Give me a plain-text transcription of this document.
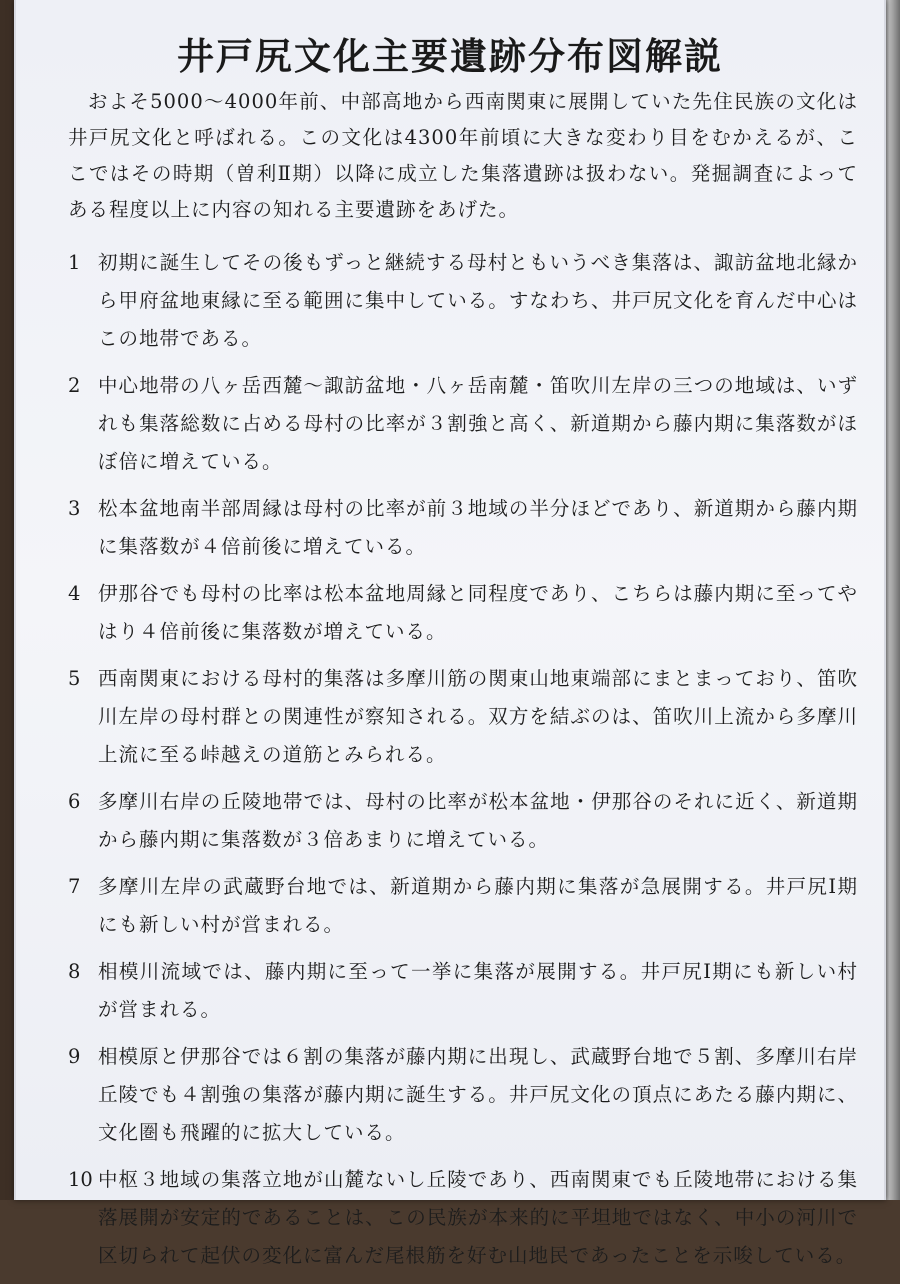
井戸尻文化主要遺跡分布図解説
およそ5000～4000年前、中部高地から西南関東に展開していた先住民族の文化は井戸尻文化と呼ばれる。この文化は4300年前頃に大きな変わり目をむかえるが、ここではその時期（曽利Ⅱ期）以降に成立した集落遺跡は扱わない。発掘調査によってある程度以上に内容の知れる主要遺跡をあげた。
1 初期に誕生してその後もずっと継続する母村ともいうべき集落は、諏訪盆地北縁から甲府盆地東縁に至る範囲に集中している。すなわち、井戸尻文化を育んだ中心はこの地帯である。
2 中心地帯の八ヶ岳西麓～諏訪盆地・八ヶ岳南麓・笛吹川左岸の三つの地域は、いずれも集落総数に占める母村の比率が３割強と高く、新道期から藤内期に集落数がほぼ倍に増えている。
3 松本盆地南半部周縁は母村の比率が前３地域の半分ほどであり、新道期から藤内期に集落数が４倍前後に増えている。
4 伊那谷でも母村の比率は松本盆地周縁と同程度であり、こちらは藤内期に至ってやはり４倍前後に集落数が増えている。
5 西南関東における母村的集落は多摩川筋の関東山地東端部にまとまっており、笛吹川左岸の母村群との関連性が察知される。双方を結ぶのは、笛吹川上流から多摩川上流に至る峠越えの道筋とみられる。
6 多摩川右岸の丘陵地帯では、母村の比率が松本盆地・伊那谷のそれに近く、新道期から藤内期に集落数が３倍あまりに増えている。
7 多摩川左岸の武蔵野台地では、新道期から藤内期に集落が急展開する。井戸尻Ⅰ期にも新しい村が営まれる。
8 相模川流域では、藤内期に至って一挙に集落が展開する。井戸尻Ⅰ期にも新しい村が営まれる。
9 相模原と伊那谷では６割の集落が藤内期に出現し、武蔵野台地で５割、多摩川右岸丘陵でも４割強の集落が藤内期に誕生する。井戸尻文化の頂点にあたる藤内期に、文化圏も飛躍的に拡大している。
10 中枢３地域の集落立地が山麓ないし丘陵であり、西南関東でも丘陵地帯における集落展開が安定的であることは、この民族が本来的に平坦地ではなく、中小の河川で区切られて起伏の変化に富んだ尾根筋を好む山地民であったことを示唆している。
